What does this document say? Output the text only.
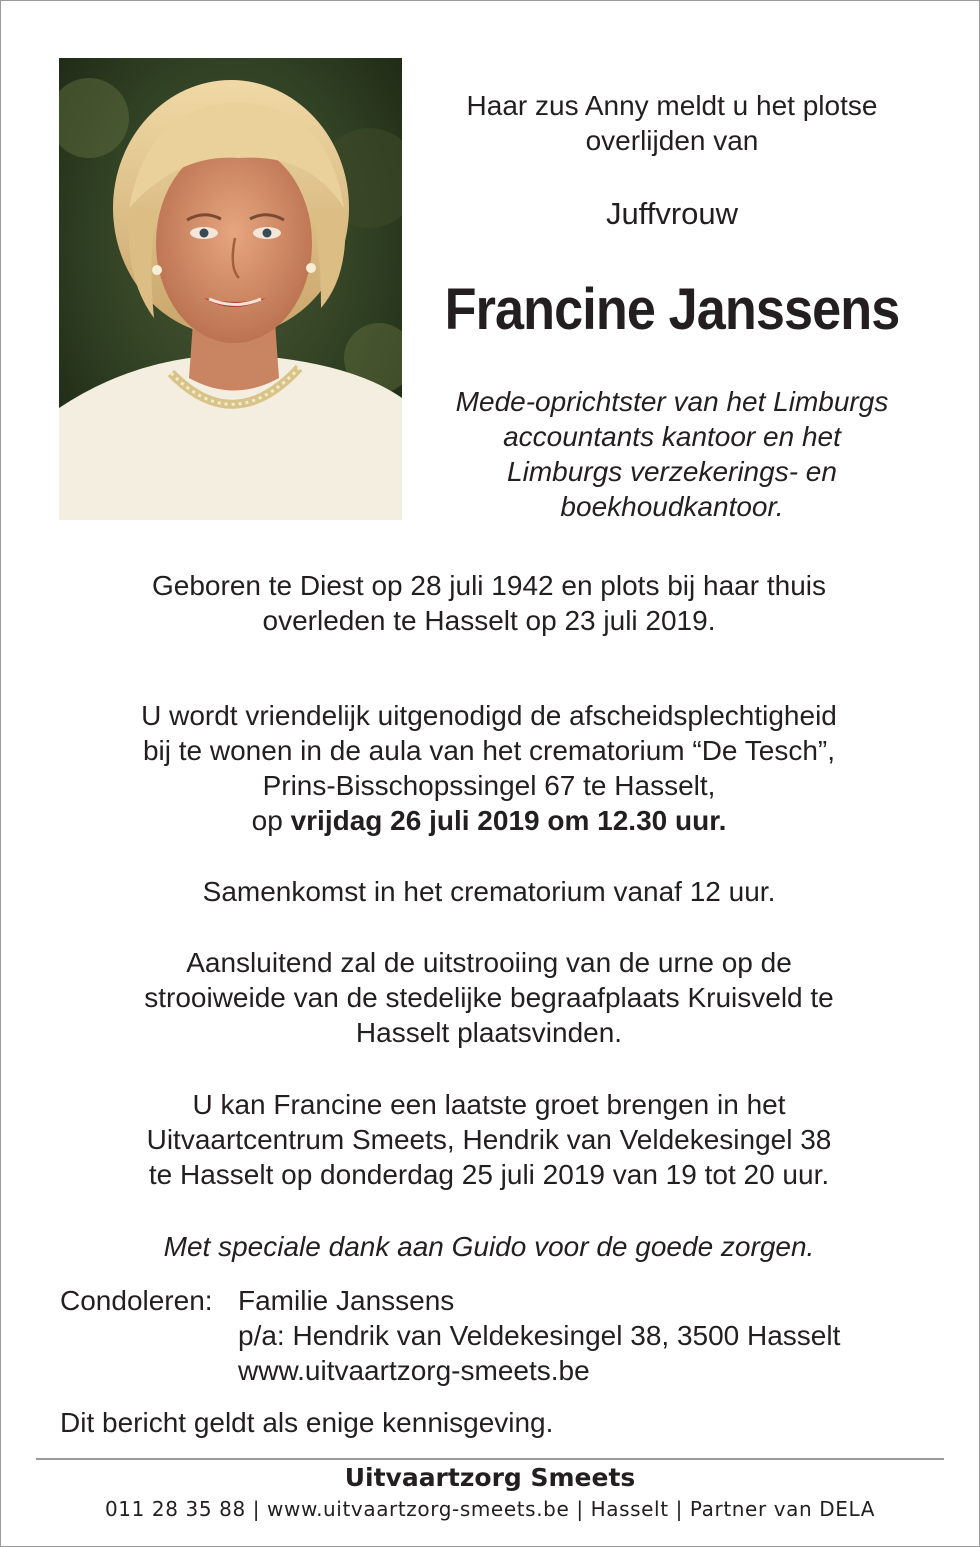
Haar zus Anny meldt u het plotse
overlijden van
Juffvrouw
Francine Janssens
Mede-oprichtster van het Limburgs
accountants kantoor en het
Limburgs verzekerings- en
boekhoudkantoor.
Geboren te Diest op 28 juli 1942 en plots bij haar thuis
overleden te Hasselt op 23 juli 2019.
U wordt vriendelijk uitgenodigd de afscheidsplechtigheid
bij te wonen in de aula van het crematorium “De Tesch”,
Prins-Bisschopssingel 67 te Hasselt,
op vrijdag 26 juli 2019 om 12.30 uur.
Samenkomst in het crematorium vanaf 12 uur.
Aansluitend zal de uitstrooiing van de urne op de
strooiweide van de stedelijke begraafplaats Kruisveld te
Hasselt plaatsvinden.
U kan Francine een laatste groet brengen in het
Uitvaartcentrum Smeets, Hendrik van Veldekesingel 38
te Hasselt op donderdag 25 juli 2019 van 19 tot 20 uur.
Met speciale dank aan Guido voor de goede zorgen.
Condoleren: Familie Janssens
p/a: Hendrik van Veldekesingel 38, 3500 Hasselt
www.uitvaartzorg-smeets.be
Dit bericht geldt als enige kennisgeving.
Uitvaartzorg Smeets
011 28 35 88 | www.uitvaartzorg-smeets.be | Hasselt | Partner van DELA
